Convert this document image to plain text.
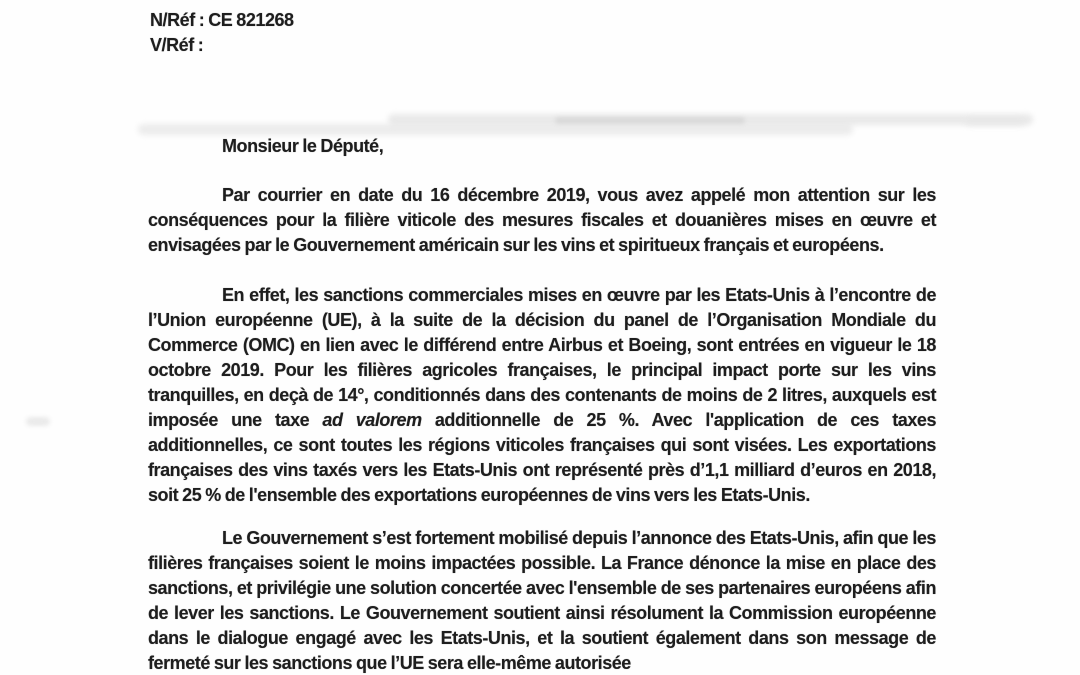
N/Réf : CE 821268
V/Réf :
Monsieur le Député,

Par courrier en date du 16 décembre 2019, vous avez appelé mon attention sur les conséquences pour la filière viticole des mesures fiscales et douanières mises en œuvre et envisagées par le Gouvernement américain sur les vins et spiritueux français et européens.

En effet, les sanctions commerciales mises en œuvre par les Etats-Unis à l’encontre de l’Union européenne (UE), à la suite de la décision du panel de l’Organisation Mondiale du Commerce (OMC) en lien avec le différend entre Airbus et Boeing, sont entrées en vigueur le 18 octobre 2019. Pour les filières agricoles françaises, le principal impact porte sur les vins tranquilles, en deçà de 14°, conditionnés dans des contenants de moins de 2 litres, auxquels est imposée une taxe ad valorem additionnelle de 25 %. Avec l'application de ces taxes additionnelles, ce sont toutes les régions viticoles françaises qui sont visées. Les exportations françaises des vins taxés vers les Etats-Unis ont représenté près d’1,1 milliard d’euros en 2018, soit 25 % de l'ensemble des exportations européennes de vins vers les Etats-Unis.

Le Gouvernement s’est fortement mobilisé depuis l’annonce des Etats-Unis, afin que les filières françaises soient le moins impactées possible. La France dénonce la mise en place des sanctions, et privilégie une solution concertée avec l'ensemble de ses partenaires européens afin de lever les sanctions. Le Gouvernement soutient ainsi résolument la Commission européenne dans le dialogue engagé avec les Etats-Unis, et la soutient également dans son message de fermeté sur les sanctions que l’UE sera elle-même autorisée
